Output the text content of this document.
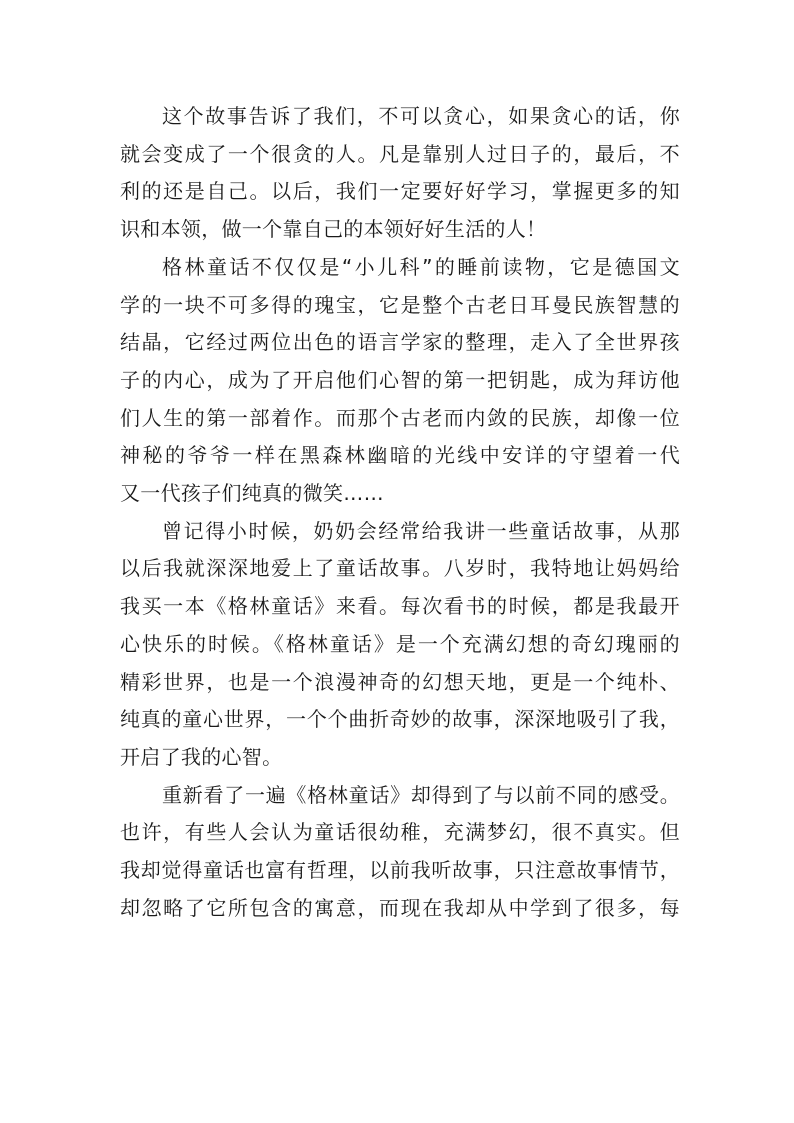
这个故事告诉了我们，不可以贪心，如果贪心的话，你
就会变成了一个很贪的人。凡是靠别人过日子的，最后，不
利的还是自己。以后，我们一定要好好学习，掌握更多的知
识和本领，做一个靠自己的本领好好生活的人！

格林童话不仅仅是“小儿科”的睡前读物，它是德国文
学的一块不可多得的瑰宝，它是整个古老日耳曼民族智慧的
结晶，它经过两位出色的语言学家的整理，走入了全世界孩
子的内心，成为了开启他们心智的第一把钥匙，成为拜访他
们人生的第一部着作。而那个古老而内敛的民族，却像一位
神秘的爷爷一样在黑森林幽暗的光线中安详的守望着一代
又一代孩子们纯真的微笑……

曾记得小时候，奶奶会经常给我讲一些童话故事，从那
以后我就深深地爱上了童话故事。八岁时，我特地让妈妈给
我买一本《格林童话》来看。每次看书的时候，都是我最开
心快乐的时候。《格林童话》是一个充满幻想的奇幻瑰丽的
精彩世界，也是一个浪漫神奇的幻想天地，更是一个纯朴、
纯真的童心世界，一个个曲折奇妙的故事，深深地吸引了我，
开启了我的心智。

重新看了一遍《格林童话》却得到了与以前不同的感受。
也许，有些人会认为童话很幼稚，充满梦幻，很不真实。但
我却觉得童话也富有哲理，以前我听故事，只注意故事情节，
却忽略了它所包含的寓意，而现在我却从中学到了很多，每
